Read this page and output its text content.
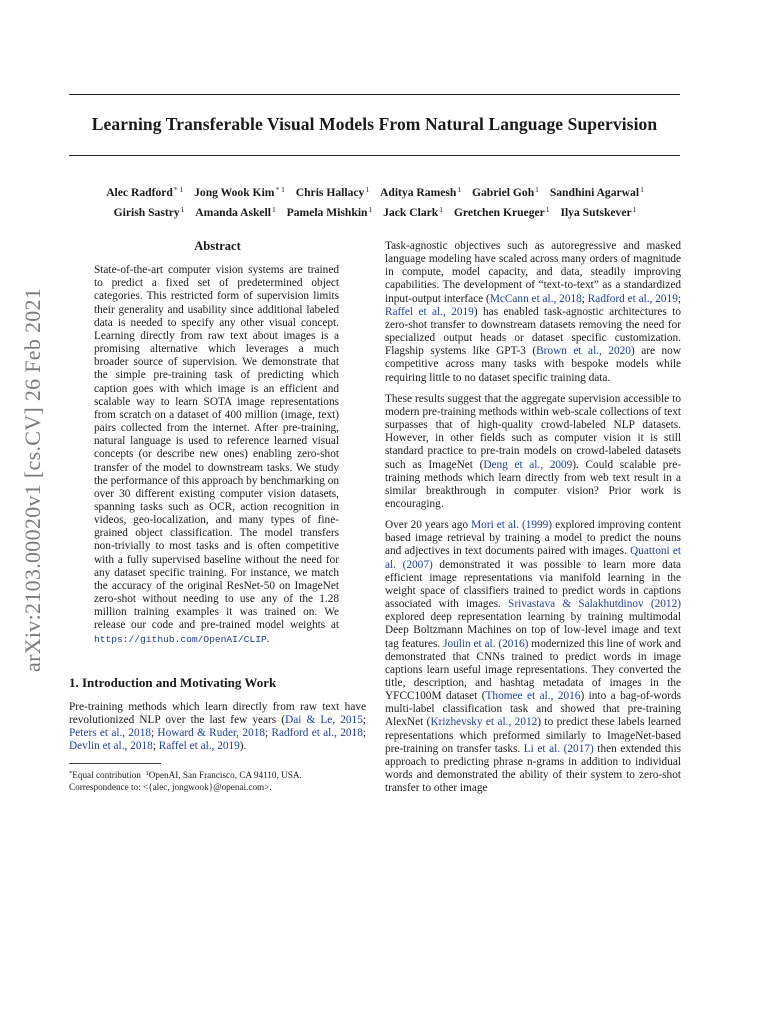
Learning Transferable Visual Models From Natural Language Supervision
Alec Radford$^{* 1}$ Jong Wook Kim$^{* 1}$ Chris Hallacy$^1$ Aditya Ramesh$^1$ Gabriel Goh$^1$ Sandhini Agarwal$^1$
Girish Sastry$^1$ Amanda Askell$^1$ Pamela Mishkin$^1$ Jack Clark$^1$ Gretchen Krueger$^1$ Ilya Sutskever$^1$
arXiv:2103.00020v1 [cs.CV] 26 Feb 2021
Abstract

State-of-the-art computer vision systems are trained to predict a fixed set of predetermined object categories. This restricted form of supervision limits their generality and usability since additional labeled data is needed to specify any other visual concept. Learning directly from raw text about images is a promising alternative which leverages a much broader source of supervision. We demonstrate that the simple pre-training task of predicting which caption goes with which image is an efficient and scalable way to learn SOTA image representations from scratch on a dataset of 400 million (image, text) pairs collected from the internet. After pre-training, natural language is used to reference learned visual concepts (or describe new ones) enabling zero-shot transfer of the model to downstream tasks. We study the performance of this approach by benchmarking on over 30 different existing computer vision datasets, spanning tasks such as OCR, action recognition in videos, geo-localization, and many types of fine-grained object classification. The model transfers non-trivially to most tasks and is often competitive with a fully supervised baseline without the need for any dataset specific training. For instance, we match the accuracy of the original ResNet-50 on ImageNet zero-shot without needing to use any of the 1.28 million training examples it was trained on. We release our code and pre-trained model weights at https://github.com/OpenAI/CLIP.

1. Introduction and Motivating Work

Pre-training methods which learn directly from raw text have revolutionized NLP over the last few years (Dai & Le, 2015; Peters et al., 2018; Howard & Ruder, 2018; Radford et al., 2018; Devlin et al., 2018; Raffel et al., 2019).

*Equal contribution $^1$OpenAI, San Francisco, CA 94110, USA.
Correspondence to: <{alec, jongwook}@openai.com>.

Task-agnostic objectives such as autoregressive and masked language modeling have scaled across many orders of magnitude in compute, model capacity, and data, steadily improving capabilities. The development of “text-to-text” as a standardized input-output interface (McCann et al., 2018; Radford et al., 2019; Raffel et al., 2019) has enabled task-agnostic architectures to zero-shot transfer to downstream datasets removing the need for specialized output heads or dataset specific customization. Flagship systems like GPT-3 (Brown et al., 2020) are now competitive across many tasks with bespoke models while requiring little to no dataset specific training data.

These results suggest that the aggregate supervision accessible to modern pre-training methods within web-scale collections of text surpasses that of high-quality crowd-labeled NLP datasets. However, in other fields such as computer vision it is still standard practice to pre-train models on crowd-labeled datasets such as ImageNet (Deng et al., 2009). Could scalable pre-training methods which learn directly from web text result in a similar breakthrough in computer vision? Prior work is encouraging.

Over 20 years ago Mori et al. (1999) explored improving content based image retrieval by training a model to predict the nouns and adjectives in text documents paired with images. Quattoni et al. (2007) demonstrated it was possible to learn more data efficient image representations via manifold learning in the weight space of classifiers trained to predict words in captions associated with images. Srivastava & Salakhutdinov (2012) explored deep representation learning by training multimodal Deep Boltzmann Machines on top of low-level image and text tag features. Joulin et al. (2016) modernized this line of work and demonstrated that CNNs trained to predict words in image captions learn useful image representations. They converted the title, description, and hashtag metadata of images in the YFCC100M dataset (Thomee et al., 2016) into a bag-of-words multi-label classification task and showed that pre-training AlexNet (Krizhevsky et al., 2012) to predict these labels learned representations which preformed similarly to ImageNet-based pre-training on transfer tasks. Li et al. (2017) then extended this approach to predicting phrase n-grams in addition to individual words and demonstrated the ability of their system to zero-shot transfer to other image
